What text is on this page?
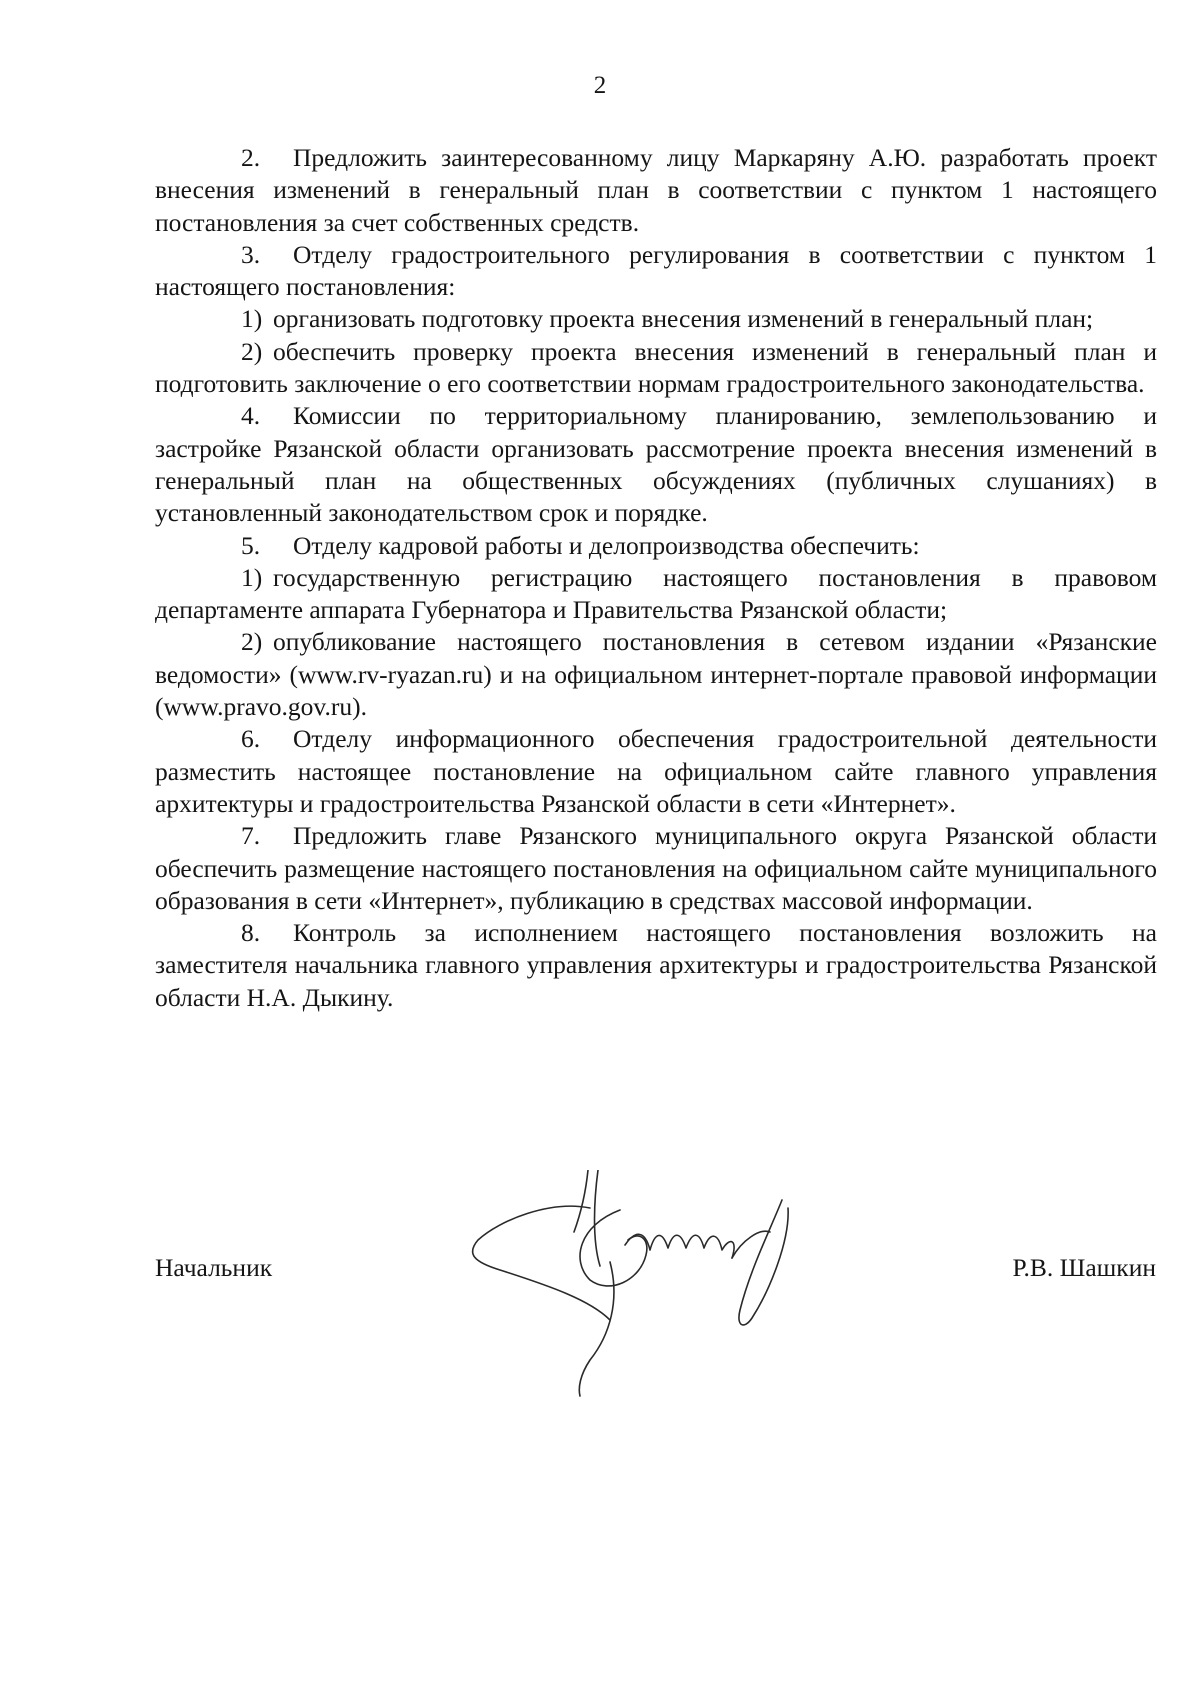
2

2. Предложить заинтересованному лицу Маркаряну А.Ю. разработать проект внесения изменений в генеральный план в соответствии с пунктом 1 настоящего постановления за счет собственных средств.

3. Отделу градостроительного регулирования в соответствии с пунктом 1 настоящего постановления:

1) организовать подготовку проекта внесения изменений в генеральный план;

2) обеспечить проверку проекта внесения изменений в генеральный план и подготовить заключение о его соответствии нормам градостроительного законодательства.

4. Комиссии по территориальному планированию, землепользованию и застройке Рязанской области организовать рассмотрение проекта внесения изменений в генеральный план на общественных обсуждениях (публичных слушаниях) в установленный законодательством срок и порядке.

5. Отделу кадровой работы и делопроизводства обеспечить:

1) государственную регистрацию настоящего постановления в правовом департаменте аппарата Губернатора и Правительства Рязанской области;

2) опубликование настоящего постановления в сетевом издании «Рязанские ведомости» (www.rv-ryazan.ru) и на официальном интернет-портале правовой информации (www.pravo.gov.ru).

6. Отделу информационного обеспечения градостроительной деятельности разместить настоящее постановление на официальном сайте главного управления архитектуры и градостроительства Рязанской области в сети «Интернет».

7. Предложить главе Рязанского муниципального округа Рязанской области обеспечить размещение настоящего постановления на официальном сайте муниципального образования в сети «Интернет», публикацию в средствах массовой информации.

8. Контроль за исполнением настоящего постановления возложить на заместителя начальника главного управления архитектуры и градостроительства Рязанской области Н.А. Дыкину.

Начальник	Р.В. Шашкин
